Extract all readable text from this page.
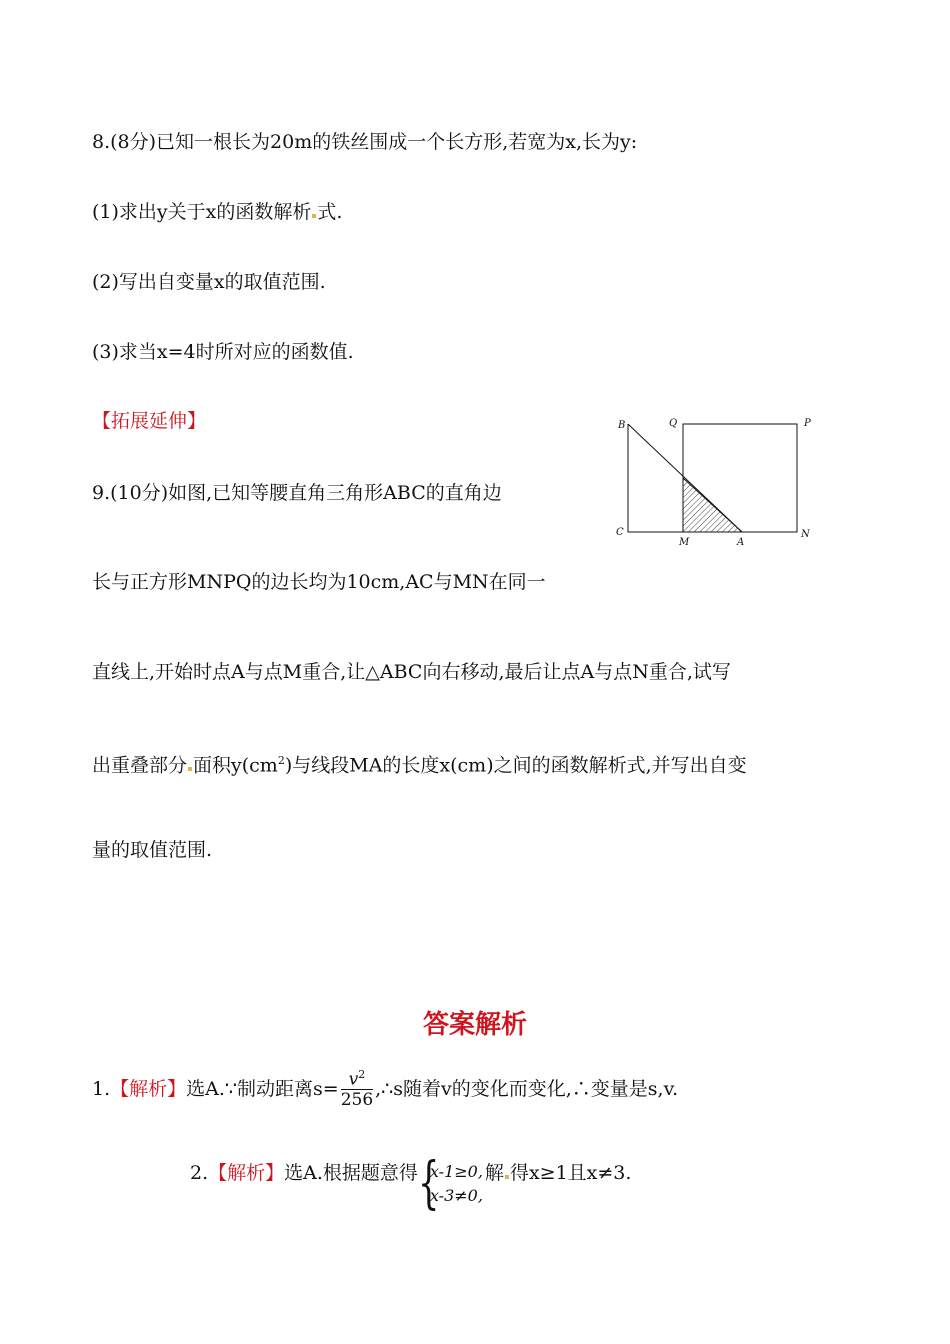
8.(8分)已知一根长为20m的铁丝围成一个长方形,若宽为x,长为y:
(1)求出y关于x的函数解析 式.
(2)写出自变量x的取值范围.
(3)求当x=4时所对应的函数值.
【拓展延伸】
9.(10分)如图,已知等腰直角三角形ABC的直角边
长与正方形MNPQ的边长均为10cm,AC与MN在同一
直线上,开始时点A与点M重合,让△ABC向右移动,最后让点A与点N重合,试写
出重叠部分 面积$y(cm^2)$与线段MA的长度x(cm)之间的函数解析式,并写出自变
量的取值范围.
B	Q	P
C
M	A
N
答案解析
1.【解析】选A.∵制动距离$s= \frac{v^2}{256}$ ,∴s随着v的变化而变化,∴变量是s,v.
2.【解析】选A.根据题意得 {
x-1≥0,
x-3≠0,
解 得x≥1且x≠3.
